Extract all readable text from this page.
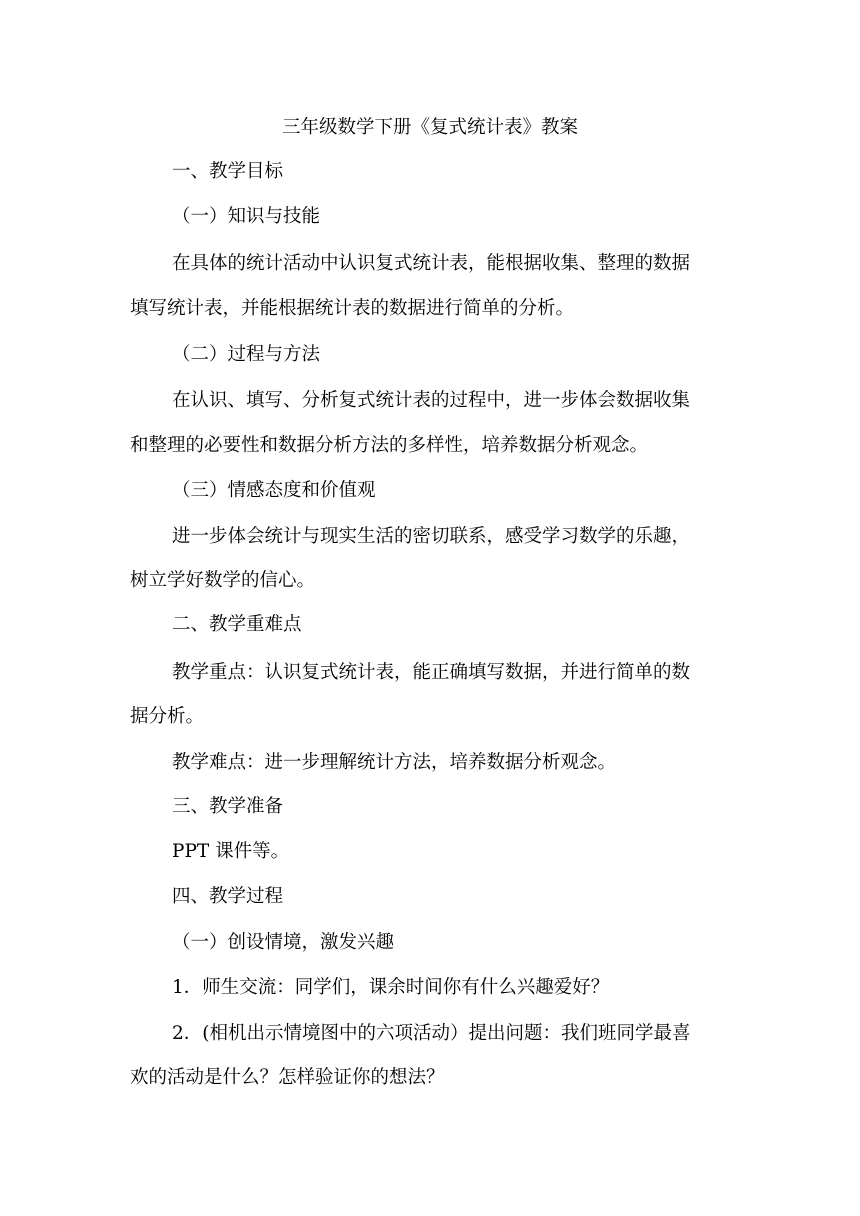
三年级数学下册《复式统计表》教案
一、教学目标
（一）知识与技能
在具体的统计活动中认识复式统计表，能根据收集、整理的数据
填写统计表，并能根据统计表的数据进行简单的分析。
（二）过程与方法
在认识、填写、分析复式统计表的过程中，进一步体会数据收集
和整理的必要性和数据分析方法的多样性，培养数据分析观念。
（三）情感态度和价值观
进一步体会统计与现实生活的密切联系，感受学习数学的乐趣，
树立学好数学的信心。
二、教学重难点
教学重点：认识复式统计表，能正确填写数据，并进行简单的数
据分析。
教学难点：进一步理解统计方法，培养数据分析观念。
三、教学准备
PPT 课件等。
四、教学过程
（一）创设情境，激发兴趣
1．师生交流：同学们，课余时间你有什么兴趣爱好？
2．(相机出示情境图中的六项活动）提出问题：我们班同学最喜
欢的活动是什么？怎样验证你的想法？
